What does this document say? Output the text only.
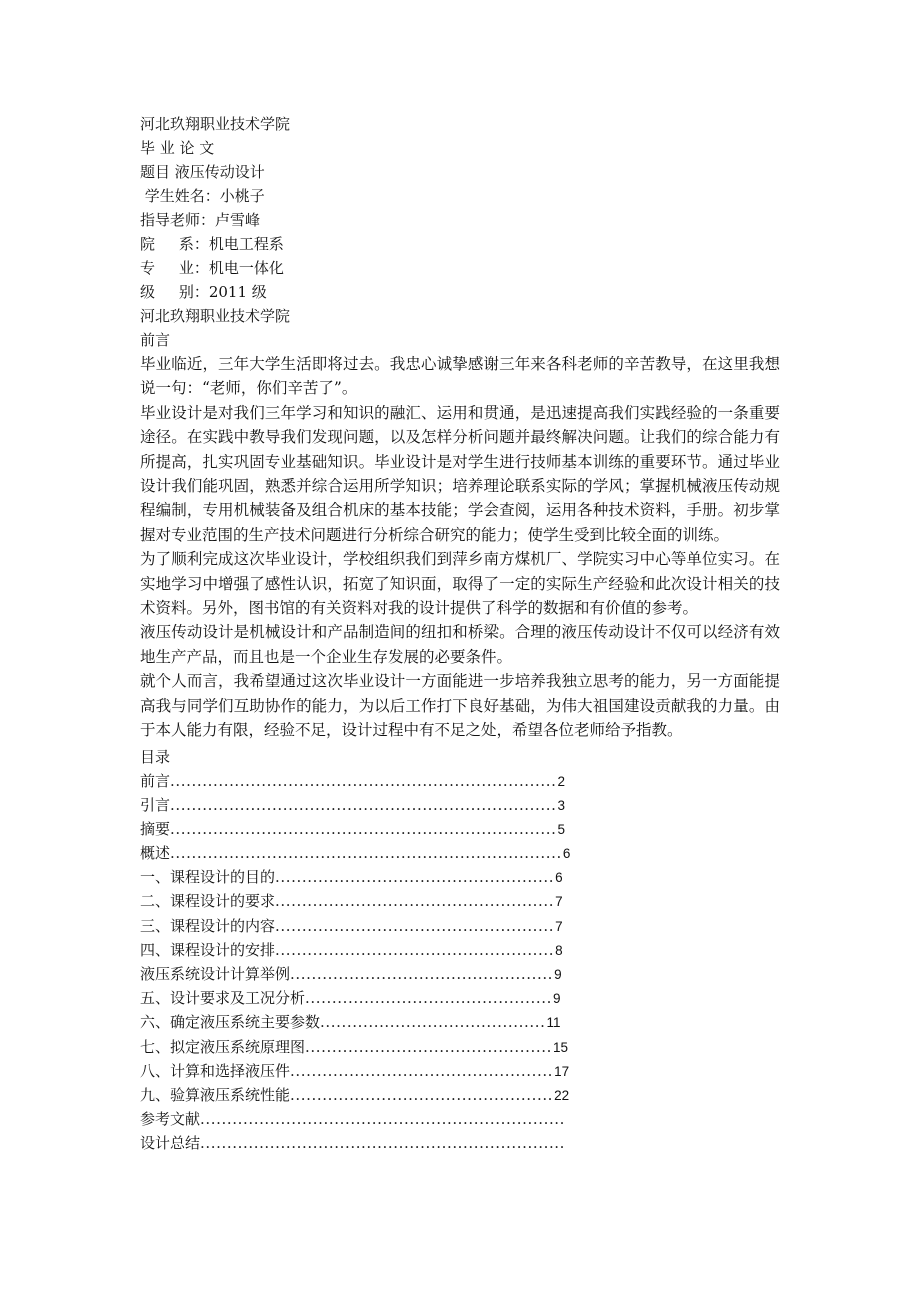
河北玖翔职业技术学院
毕 业 论 文
题目 液压传动设计
学生姓名：小桃子
指导老师：卢雪峰
院     系：机电工程系
专     业：机电一体化
级     别：2011 级
河北玖翔职业技术学院
前言
毕业临近，三年大学生活即将过去。我忠心诚挚感谢三年来各科老师的辛苦教导，在这里我想说一句：“老师，你们辛苦了”。
毕业设计是对我们三年学习和知识的融汇、运用和贯通，是迅速提高我们实践经验的一条重要途径。在实践中教导我们发现问题，以及怎样分析问题并最终解决问题。让我们的综合能力有所提高，扎实巩固专业基础知识。毕业设计是对学生进行技师基本训练的重要环节。通过毕业设计我们能巩固，熟悉并综合运用所学知识；培养理论联系实际的学风；掌握机械液压传动规程编制，专用机械装备及组合机床的基本技能；学会查阅，运用各种技术资料，手册。初步掌握对专业范围的生产技术问题进行分析综合研究的能力；使学生受到比较全面的训练。
为了顺利完成这次毕业设计，学校组织我们到萍乡南方煤机厂、学院实习中心等单位实习。在实地学习中增强了感性认识，拓宽了知识面，取得了一定的实际生产经验和此次设计相关的技术资料。另外，图书馆的有关资料对我的设计提供了科学的数据和有价值的参考。
液压传动设计是机械设计和产品制造间的纽扣和桥梁。合理的液压传动设计不仅可以经济有效地生产产品，而且也是一个企业生存发展的必要条件。
就个人而言，我希望通过这次毕业设计一方面能进一步培养我独立思考的能力，另一方面能提高我与同学们互助协作的能力，为以后工作打下良好基础，为伟大祖国建设贡献我的力量。由于本人能力有限，经验不足，设计过程中有不足之处，希望各位老师给予指教。
目录
前言 ........................................................................ 2
引言 ........................................................................ 3
摘要 ........................................................................ 5
概述 ......................................................................... 6
一、课程设计的目的 .................................................... 6
二、课程设计的要求 .................................................... 7
三、课程设计的内容 .................................................... 7
四、课程设计的安排 .................................................... 8
液压系统设计计算举例 ................................................. 9
五、设计要求及工况分析 .............................................. 9
六、确定液压系统主要参数 .......................................... 11
七、拟定液压系统原理图 .............................................. 15
八、计算和选择液压件 ................................................. 17
九、验算液压系统性能 ................................................. 22
参考文献 ....................................................................
设计总结 ....................................................................
